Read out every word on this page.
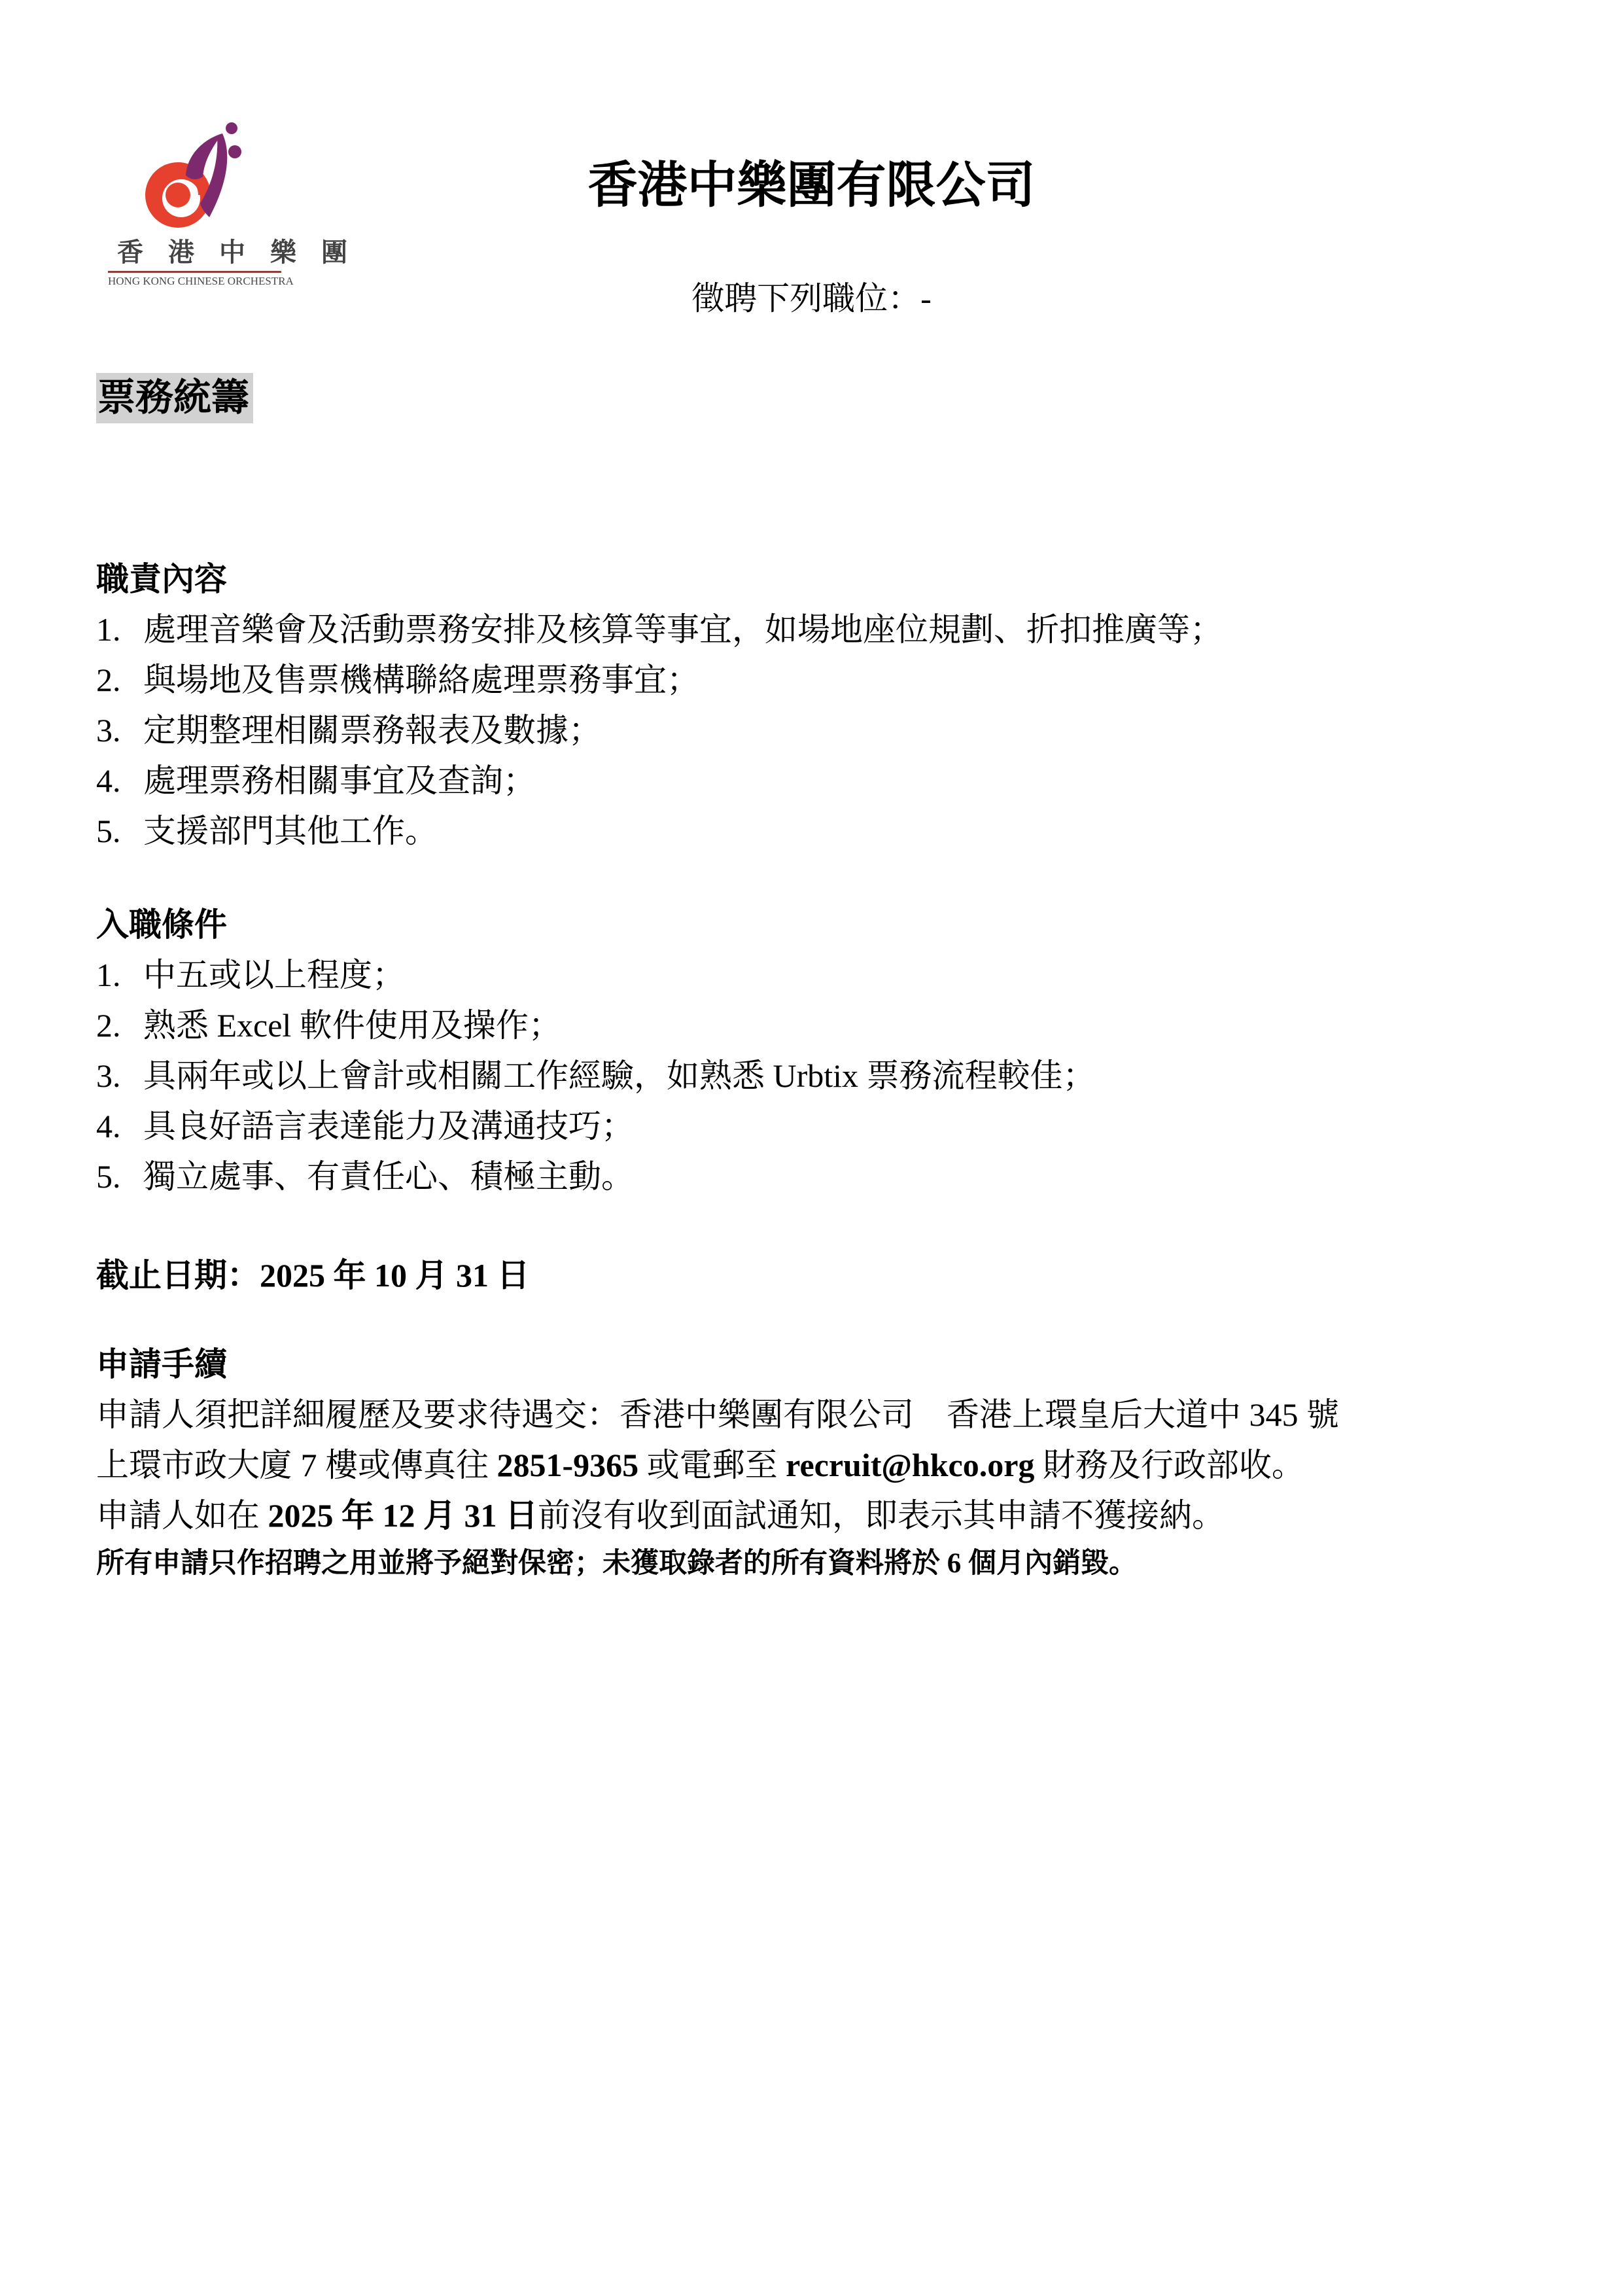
香 港 中 樂 團
HONG KONG CHINESE ORCHESTRA
香港中樂團有限公司
徵聘下列職位：-
票務統籌
職責內容
1. 處理音樂會及活動票務安排及核算等事宜，如場地座位規劃、折扣推廣等；
2. 與場地及售票機構聯絡處理票務事宜；
3. 定期整理相關票務報表及數據；
4. 處理票務相關事宜及查詢；
5. 支援部門其他工作。
入職條件
1. 中五或以上程度；
2. 熟悉 Excel 軟件使用及操作；
3. 具兩年或以上會計或相關工作經驗，如熟悉 Urbtix 票務流程較佳；
4. 具良好語言表達能力及溝通技巧；
5. 獨立處事、有責任心、積極主動。
截止日期：2025 年 10 月 31 日
申請手續
申請人須把詳細履歷及要求待遇交：香港中樂團有限公司　香港上環皇后大道中 345 號
上環市政大廈 7 樓或傳真往 2851-9365 或電郵至 recruit@hkco.org 財務及行政部收。
申請人如在 2025 年 12 月 31 日前沒有收到面試通知，即表示其申請不獲接納。
所有申請只作招聘之用並將予絕對保密；未獲取錄者的所有資料將於 6 個月內銷毀。
